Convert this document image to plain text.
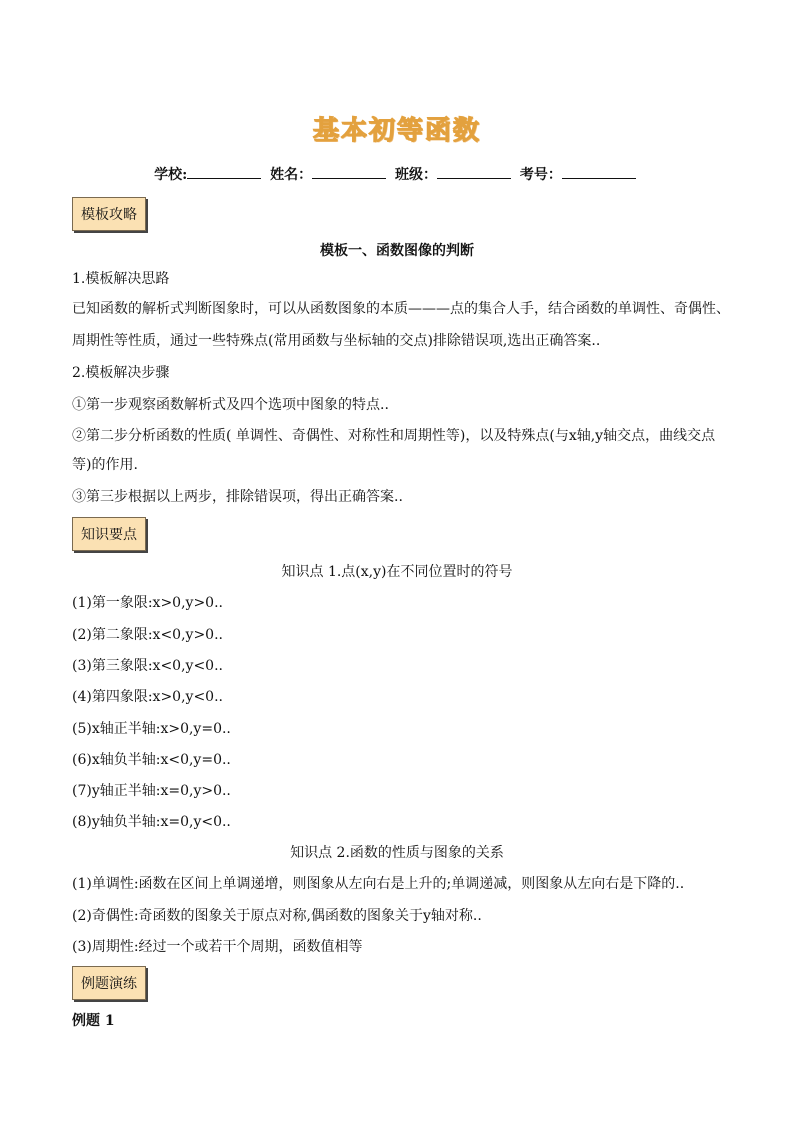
基本初等函数
学校:	姓名：	班级：	考号：
模板攻略
模板一、函数图像的判断
1.模板解决思路
已知函数的解析式判断图象时，可以从函数图象的本质———点的集合人手，结合函数的单调性、奇偶性、
周期性等性质，通过一些特殊点(常用函数与坐标轴的交点)排除错误项,选出正确答案..
2.模板解决步骤
①第一步观察函数解析式及四个选项中图象的特点..
②第二步分析函数的性质( 单调性、奇偶性、对称性和周期性等)，以及特殊点(与x轴,y轴交点，曲线交点
等)的作用.
③第三步根据以上两步，排除错误项，得出正确答案..
知识要点
知识点 1.点(x,y)在不同位置时的符号
(1)第一象限:x>0,y>0..
(2)第二象限:x<0,y>0..
(3)第三象限:x<0,y<0..
(4)第四象限:x>0,y<0..
(5)x轴正半轴:x>0,y=0..
(6)x轴负半轴:x<0,y=0..
(7)y轴正半轴:x=0,y>0..
(8)y轴负半轴:x=0,y<0..
知识点 2.函数的性质与图象的关系
(1)单调性:函数在区间上单调递增，则图象从左向右是上升的;单调递减，则图象从左向右是下降的..
(2)奇偶性:奇函数的图象关于原点对称,偶函数的图象关于y轴对称..
(3)周期性:经过一个或若干个周期，函数值相等
例题演练
例题 1
